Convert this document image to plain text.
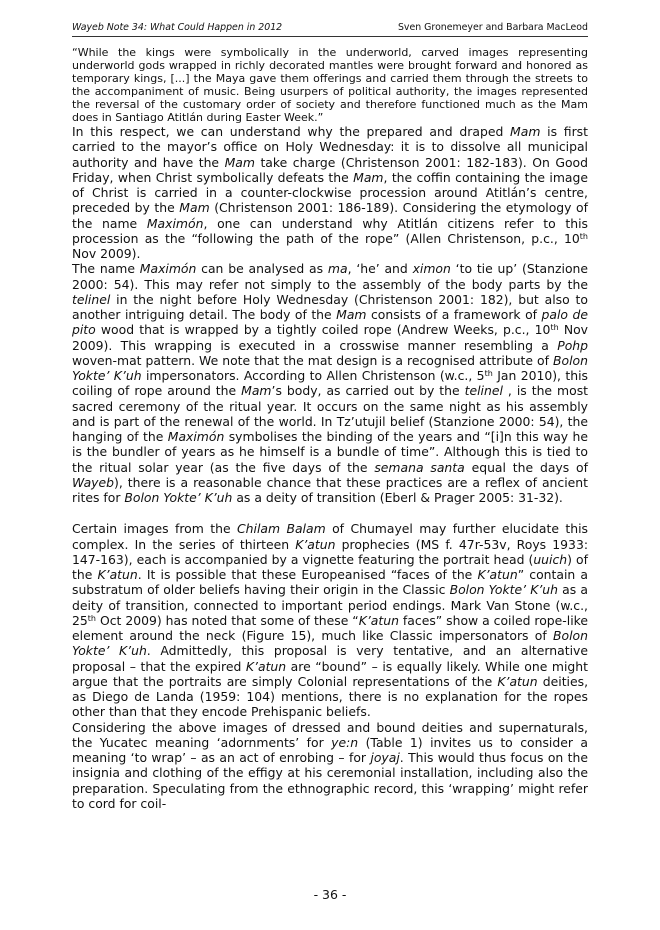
Wayeb Note 34: What Could Happen in 2012	Sven Gronemeyer and Barbara MacLeod

“While the kings were symbolically in the underworld, carved images representing underworld gods wrapped in richly decorated mantles were brought forward and honored as temporary kings, [...] the Maya gave them offerings and carried them through the streets to the accompaniment of music. Being usurpers of political authority, the images represented the reversal of the customary order of society and therefore functioned much as the Mam does in Santiago Atitlán during Easter Week.”

In this respect, we can understand why the prepared and draped Mam is first carried to the mayor’s office on Holy Wednesday: it is to dissolve all municipal authority and have the Mam take charge (Christenson 2001: 182-183). On Good Friday, when Christ symbolically defeats the Mam, the coffin containing the image of Christ is carried in a counter-clockwise procession around Atitlán’s centre, preceded by the Mam (Christenson 2001: 186-189). Considering the etymology of the name Maximón, one can understand why Atitlán citizens refer to this procession as the “following the path of the rope” (Allen Christenson, p.c., 10th Nov 2009).

The name Maximón can be analysed as ma, ‘he’ and ximon ‘to tie up’ (Stanzione 2000: 54). This may refer not simply to the assembly of the body parts by the telinel in the night before Holy Wednesday (Christenson 2001: 182), but also to another intriguing detail. The body of the Mam consists of a framework of palo de pito wood that is wrapped by a tightly coiled rope (Andrew Weeks, p.c., 10th Nov 2009). This wrapping is executed in a crosswise manner resembling a Pohp woven-mat pattern. We note that the mat design is a recognised attribute of Bolon Yokte’ K’uh impersonators. According to Allen Christenson (w.c., 5th Jan 2010), this coiling of rope around the Mam’s body, as carried out by the telinel , is the most sacred ceremony of the ritual year. It occurs on the same night as his assembly and is part of the renewal of the world. In Tz’utujil belief (Stanzione 2000: 54), the hanging of the Maximón symbolises the binding of the years and “[i]n this way he is the bundler of years as he himself is a bundle of time”. Although this is tied to the ritual solar year (as the five days of the semana santa equal the days of Wayeb), there is a reasonable chance that these practices are a reflex of ancient rites for Bolon Yokte’ K’uh as a deity of transition (Eberl & Prager 2005: 31-32).

Certain images from the Chilam Balam of Chumayel may further elucidate this complex. In the series of thirteen K’atun prophecies (MS f. 47r-53v, Roys 1933: 147-163), each is accompanied by a vignette featuring the portrait head (uuich) of the K’atun. It is possible that these Europeanised “faces of the K’atun” contain a substratum of older beliefs having their origin in the Classic Bolon Yokte’ K’uh as a deity of transition, connected to important period endings. Mark Van Stone (w.c., 25th Oct 2009) has noted that some of these “K’atun faces” show a coiled rope-like element around the neck (Figure 15), much like Classic impersonators of Bolon Yokte’ K’uh. Admittedly, this proposal is very tentative, and an alternative proposal – that the expired K’atun are “bound” – is equally likely. While one might argue that the portraits are simply Colonial representations of the K’atun deities, as Diego de Landa (1959: 104) mentions, there is no explanation for the ropes other than that they encode Prehispanic beliefs.

Considering the above images of dressed and bound deities and supernaturals, the Yucatec meaning ‘adornments’ for ye:n (Table 1) invites us to consider a meaning ‘to wrap’ – as an act of enrobing – for joyaj. This would thus focus on the insignia and clothing of the effigy at his ceremonial installation, including also the preparation. Speculating from the ethnographic record, this ‘wrapping’ might refer to cord for coil-

- 36 -
